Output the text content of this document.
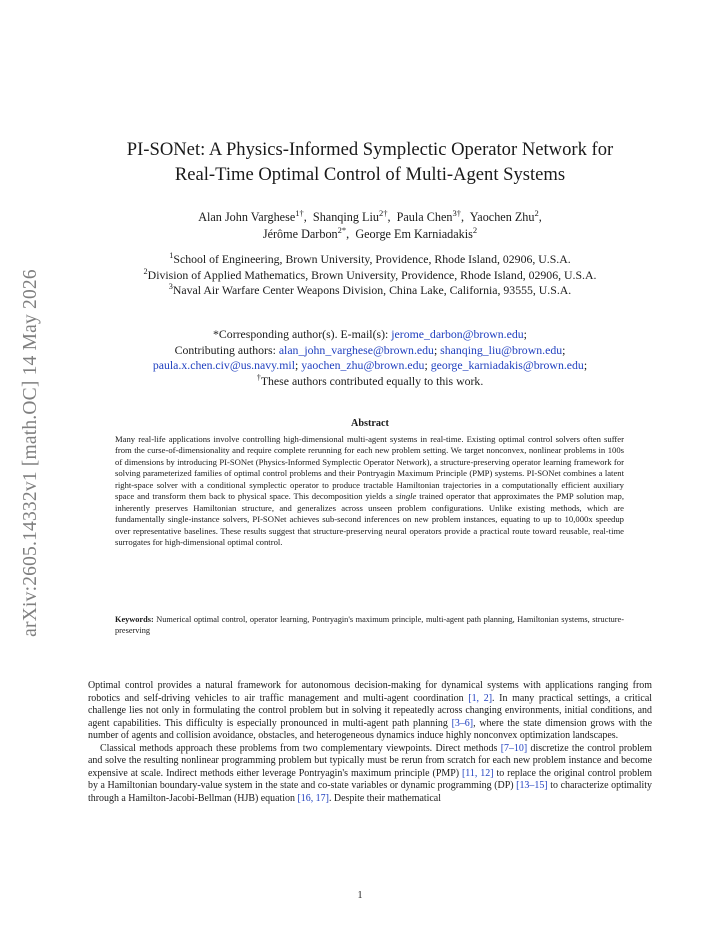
arXiv:2605.14332v1 [math.OC] 14 May 2026
PI-SONet: A Physics-Informed Symplectic Operator Network for
Real-Time Optimal Control of Multi-Agent Systems
Alan John Varghese$^{1\dagger}$,  Shanqing Liu$^{2\dagger}$,  Paula Chen$^{3\dagger}$,  Yaochen Zhu$^2$,
Jérôme Darbon$^{2*}$,  George Em Karniadakis$^2$
$^1$School of Engineering, Brown University, Providence, Rhode Island, 02906, U.S.A.
$^2$Division of Applied Mathematics, Brown University, Providence, Rhode Island, 02906, U.S.A.
$^3$Naval Air Warfare Center Weapons Division, China Lake, California, 93555, U.S.A.
*Corresponding author(s). E-mail(s): jerome_darbon@brown.edu;
Contributing authors: alan_john_varghese@brown.edu; shanqing_liu@brown.edu;
paula.x.chen.civ@us.navy.mil; yaochen_zhu@brown.edu; george_karniadakis@brown.edu;
†These authors contributed equally to this work.
Abstract
Many real-life applications involve controlling high-dimensional multi-agent systems in real-time. Existing optimal control solvers often suffer from the curse-of-dimensionality and require complete rerunning for each new problem setting. We target nonconvex, nonlinear problems in 100s of dimensions by introducing PI-SONet (Physics-Informed Symplectic Operator Network), a structure-preserving operator learning framework for solving parameterized families of optimal control problems and their Pontryagin Maximum Principle (PMP) systems. PI-SONet combines a latent right-space solver with a conditional symplectic operator to produce tractable Hamiltonian trajectories in a computationally efficient auxiliary space and transform them back to physical space. This decomposition yields a single trained operator that approximates the PMP solution map, inherently preserves Hamiltonian structure, and generalizes across unseen problem configurations. Unlike existing methods, which are fundamentally single-instance solvers, PI-SONet achieves sub-second inferences on new problem instances, equating to up to 10,000x speedup over representative baselines. These results suggest that structure-preserving neural operators provide a practical route toward reusable, real-time surrogates for high-dimensional optimal control.
Keywords: Numerical optimal control, operator learning, Pontryagin's maximum principle, multi-agent path planning, Hamiltonian systems, structure-preserving

Optimal control provides a natural framework for autonomous decision-making for dynamical systems with applications ranging from robotics and self-driving vehicles to air traffic management and multi-agent coordination [1, 2]. In many practical settings, a critical challenge lies not only in formulating the control problem but in solving it repeatedly across changing environments, initial conditions, and agent capabilities. This difficulty is especially pronounced in multi-agent path planning [3–6], where the state dimension grows with the number of agents and collision avoidance, obstacles, and heterogeneous dynamics induce highly nonconvex optimization landscapes.

Classical methods approach these problems from two complementary viewpoints. Direct methods [7–10] discretize the control problem and solve the resulting nonlinear programming problem but typically must be rerun from scratch for each new problem instance and become expensive at scale. Indirect methods either leverage Pontryagin's maximum principle (PMP) [11, 12] to replace the original control problem by a Hamiltonian boundary-value system in the state and co-state variables or dynamic programming (DP) [13–15] to characterize optimality through a Hamilton-Jacobi-Bellman (HJB) equation [16, 17]. Despite their mathematical

1
